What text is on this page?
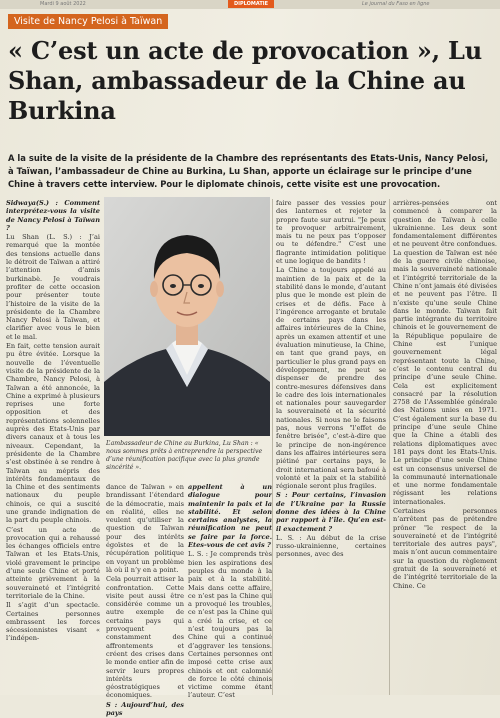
Mardi 9 août 2022	DIPLOMATIE	Le journal du Faso en ligne
Visite de Nancy Pelosi à Taïwan
« C’est un acte de provocation », Lu Shan, ambassadeur de la Chine au Burkina

A la suite de la visite de la présidente de la Chambre des représentants des Etats-Unis, Nancy Pelosi, à Taïwan, l’ambassadeur de Chine au Burkina, Lu Shan, apporte un éclairage sur le principe d’une Chine à travers cette interview. Pour le diplomate chinois, cette visite est une provocation.

Sidwaya(S.) : Comment interprétez-vous la visite de Nancy Pelosi à Taïwan ?

Lu Shan (L. S.) : J’ai remarqué que la montée des tensions actuelle dans le détroit de Taïwan a attiré l’attention d’amis burkinabè. Je voudrais profiter de cette occasion pour présenter toute l’histoire de la visite de la présidente de la Chambre Nancy Pelosi à Taïwan, et clarifier avec vous le bien et le mal.

En fait, cette tension aurait pu être évitée. Lorsque la nouvelle de l’éventuelle visite de la présidente de la Chambre, Nancy Pelosi, à Taïwan a été annoncée, la Chine a exprimé à plusieurs reprises une forte opposition et des représentations solennelles auprès des Etats-Unis par divers canaux et à tous les niveaux. Cependant, la présidente de la Chambre s’est obstinée à se rendre à Taïwan au mépris des intérêts fondamentaux de la Chine et des sentiments nationaux du peuple chinois, ce qui a suscité une grande indignation de la part du peuple chinois.

C’est un acte de provocation qui a rehaussé les échanges officiels entre Taïwan et les Etats-Unis, violé gravement le principe d’une seule Chine et porté atteinte grièvement à la souveraineté et l’intégrité territoriale de la Chine.

Il s’agit d’un spectacle. Certaines personnes embrassent les forces sécessionnistes visant « l’indépen-

L’ambassadeur de Chine au Burkina, Lu Shan : « nous sommes prêts à entreprendre la perspective d’une réunification pacifique avec la plus grande sincérité ».

dance de Taïwan » en brandissant l’étendard de la démocratie, mais en réalité, elles ne veulent qu’utiliser la question de Taïwan pour des intérêts égoïstes et de la récupération politique en voyant un problème là où il n’y en a point.

Cela pourrait attiser la confrontation. Cette visite peut aussi être considérée comme un autre exemple de certains pays qui provoquent constamment des affrontements et créent des crises dans le monde entier afin de servir leurs propres intérêts géostratégiques et économiques.

S : Aujourd’hui, des pays

appellent à un dialogue pour maintenir la paix et la stabilité. Et selon certains analystes, la réunification ne peut se faire par la force. Etes-vous de cet avis ?

L. S. : Je comprends très bien les aspirations des peuples du monde à la paix et à la stabilité. Mais dans cette affaire, ce n’est pas la Chine qui a provoqué les troubles, ce n’est pas la Chine qui a créé la crise, et ce n’est toujours pas la Chine qui a continué d’aggraver les tensions. Certaines personnes ont imposé cette crise aux chinois et ont calomnié de force le côté chinois victime comme étant l’auteur. C’est

faire passer des vessies pour des lanternes et rejeter la propre faute sur autrui. "Je peux te provoquer arbitrairement, mais tu ne peux pas t’opposer ou te défendre." C’est une flagrante intimidation politique et une logique de bandits !

La Chine a toujours appelé au maintien de la paix et de la stabilité dans le monde, d’autant plus que le monde est plein de crises et de défis. Face à l’ingérence arrogante et brutale de certains pays dans les affaires intérieures de la Chine, après un examen attentif et une évaluation minutieuse, la Chine, en tant que grand pays, en particulier le plus grand pays en développement, ne peut se dispenser de prendre des contre-mesures défensives dans le cadre des lois internationales et nationales pour sauvegarder la souveraineté et la sécurité nationales. Si nous ne le faisons pas, nous verrons "l’effet de fenêtre brisée", c’est-à-dire que le principe de non-ingérence dans les affaires intérieures sera piétiné par certains pays, le droit international sera bafoué à volonté et la paix et la stabilité régionale seront plus fragiles.

S : Pour certains, l’invasion de l’Ukraine par la Russie donne des idées à la Chine par rapport à l’île. Qu’en est-il exactement ?

L. S. : Au début de la crise russo-ukrainienne, certaines personnes, avec des

arrières-pensées ont commencé à comparer la question de Taïwan à celle ukrainienne. Les deux sont fondamentalement différentes et ne peuvent être confondues. La question de Taïwan est née de la guerre civile chinoise, mais la souveraineté nationale et l’intégrité territoriale de la Chine n’ont jamais été divisées et ne peuvent pas l’être. Il n’existe qu’une seule Chine dans le monde. Taïwan fait partie intégrante du territoire chinois et le gouvernement de la République populaire de Chine est l’unique gouvernement légal représentant toute la Chine, c’est le contenu central du principe d’une seule Chine. Cela est explicitement consacré par la résolution 2758 de l’Assemblée générale des Nations unies en 1971. C’est également sur la base du principe d’une seule Chine que la Chine a établi des relations diplomatiques avec 181 pays dont les Etats-Unis. Le principe d’une seule Chine est un consensus universel de la communauté internationale et une norme fondamentale régissant les relations internationales.

Certaines personnes n’arrêtent pas de prétendre prôner "le respect de la souveraineté et de l’intégrité territoriale des autres pays", mais n’ont aucun commentaire sur la question du règlement gratuit de la souveraineté et de l’intégrité territoriale de la Chine. Ce
